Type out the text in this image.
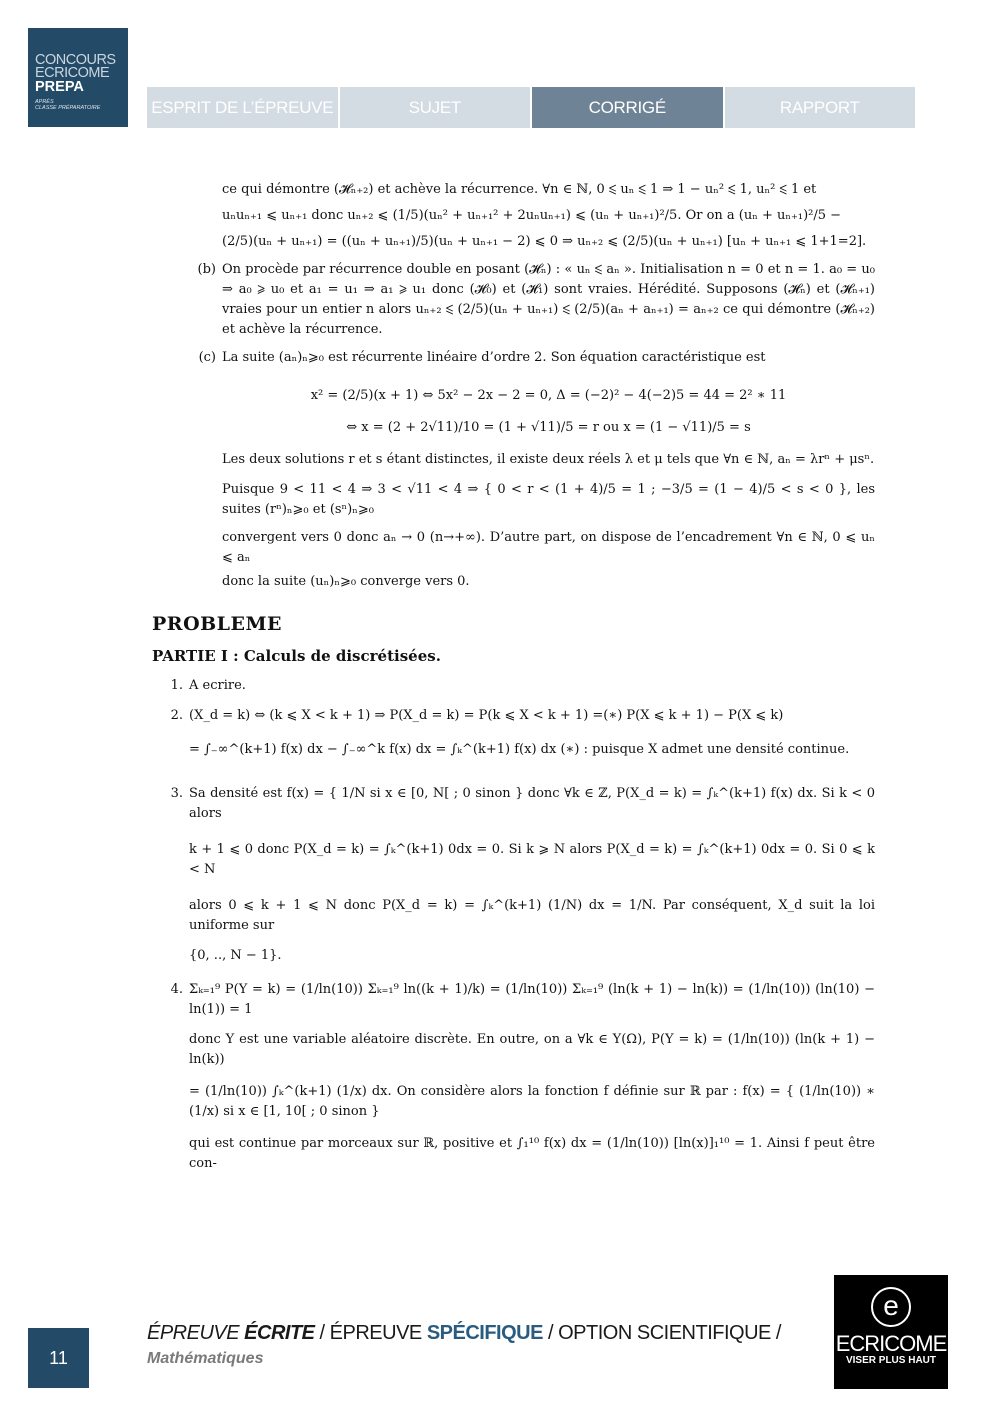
CONCOURS
ECRICOME
PREPA
APRÈS
CLASSE PRÉPARATOIRE	ESPRIT DE L’ÉPREUVE	SUJET	CORRIGÉ	RAPPORT
ce qui démontre (𝓗ₙ₊₂) et achève la récurrence. ∀n ∈ ℕ, 0 ⩽ uₙ ⩽ 1 ⇒ 1 − uₙ² ⩽ 1, uₙ² ⩽ 1 et
uₙuₙ₊₁ ⩽ uₙ₊₁ donc uₙ₊₂ ⩽ (1/5)(uₙ² + uₙ₊₁² + 2uₙuₙ₊₁) ⩽ (uₙ + uₙ₊₁)²/5. Or on a (uₙ + uₙ₊₁)²/5 −
(2/5)(uₙ + uₙ₊₁) = ((uₙ + uₙ₊₁)/5)(uₙ + uₙ₊₁ − 2) ⩽ 0 ⇒ uₙ₊₂ ⩽ (2/5)(uₙ + uₙ₊₁) [uₙ + uₙ₊₁ ⩽ 1+1=2].
(b) On procède par récurrence double en posant (𝓗ₙ) : « uₙ ⩽ aₙ ». Initialisation n = 0 et n = 1. a₀ = u₀ ⇒ a₀ ⩾ u₀ et a₁ = u₁ ⇒ a₁ ⩾ u₁ donc (𝓗₀) et (𝓗₁) sont vraies. Hérédité. Supposons (𝓗ₙ) et (𝓗ₙ₊₁) vraies pour un entier n alors uₙ₊₂ ⩽ (2/5)(uₙ + uₙ₊₁) ⩽ (2/5)(aₙ + aₙ₊₁) = aₙ₊₂ ce qui démontre (𝓗ₙ₊₂) et achève la récurrence.
(c) La suite (aₙ)ₙ⩾₀ est récurrente linéaire d’ordre 2. Son équation caractéristique est
x² = (2/5)(x + 1) ⇔ 5x² − 2x − 2 = 0, Δ = (−2)² − 4(−2)5 = 44 = 2² ∗ 11
⇔ x = (2 + 2√11)/10 = (1 + √11)/5 = r ou x = (1 − √11)/5 = s
Les deux solutions r et s étant distinctes, il existe deux réels λ et μ tels que ∀n ∈ ℕ, aₙ = λrⁿ + μsⁿ.
Puisque 9 < 11 < 4 ⇒ 3 < √11 < 4 ⇒ { 0 < r < (1 + 4)/5 = 1 ; −3/5 = (1 − 4)/5 < s < 0 }, les suites (rⁿ)ₙ⩾₀ et (sⁿ)ₙ⩾₀
convergent vers 0 donc aₙ → 0 (n→+∞). D’autre part, on dispose de l’encadrement ∀n ∈ ℕ, 0 ⩽ uₙ ⩽ aₙ
donc la suite (uₙ)ₙ⩾₀ converge vers 0.
PROBLEME
PARTIE I : Calculs de discrétisées.
1. A ecrire.

2. (X_d = k) ⇔ (k ⩽ X < k + 1) ⇒ P(X_d = k) = P(k ⩽ X < k + 1) =(∗) P(X ⩽ k + 1) − P(X ⩽ k)

= ∫₋∞^(k+1) f(x) dx − ∫₋∞^k f(x) dx = ∫ₖ^(k+1) f(x) dx (∗) : puisque X admet une densité continue.

3. Sa densité est f(x) = { 1/N si x ∈ [0, N[ ; 0 sinon } donc ∀k ∈ ℤ, P(X_d = k) = ∫ₖ^(k+1) f(x) dx. Si k < 0 alors

k + 1 ⩽ 0 donc P(X_d = k) = ∫ₖ^(k+1) 0dx = 0. Si k ⩾ N alors P(X_d = k) = ∫ₖ^(k+1) 0dx = 0. Si 0 ⩽ k < N

alors 0 ⩽ k + 1 ⩽ N donc P(X_d = k) = ∫ₖ^(k+1) (1/N) dx = 1/N. Par conséquent, X_d suit la loi uniforme sur

{0, .., N − 1}.

4. Σₖ₌₁⁹ P(Y = k) = (1/ln(10)) Σₖ₌₁⁹ ln((k + 1)/k) = (1/ln(10)) Σₖ₌₁⁹ (ln(k + 1) − ln(k)) = (1/ln(10)) (ln(10) − ln(1)) = 1

donc Y est une variable aléatoire discrète. En outre, on a ∀k ∈ Y(Ω), P(Y = k) = (1/ln(10)) (ln(k + 1) − ln(k))

= (1/ln(10)) ∫ₖ^(k+1) (1/x) dx. On considère alors la fonction f définie sur ℝ par : f(x) = { (1/ln(10)) ∗ (1/x) si x ∈ [1, 10[ ; 0 sinon }

qui est continue par morceaux sur ℝ, positive et ∫₁¹⁰ f(x) dx = (1/ln(10)) [ln(x)]₁¹⁰ = 1. Ainsi f peut être con-

11
ÉPREUVE ÉCRITE / ÉPREUVE SPÉCIFIQUE / OPTION SCIENTIFIQUE /
Mathématiques
e
ECRICOME
VISER PLUS HAUT
